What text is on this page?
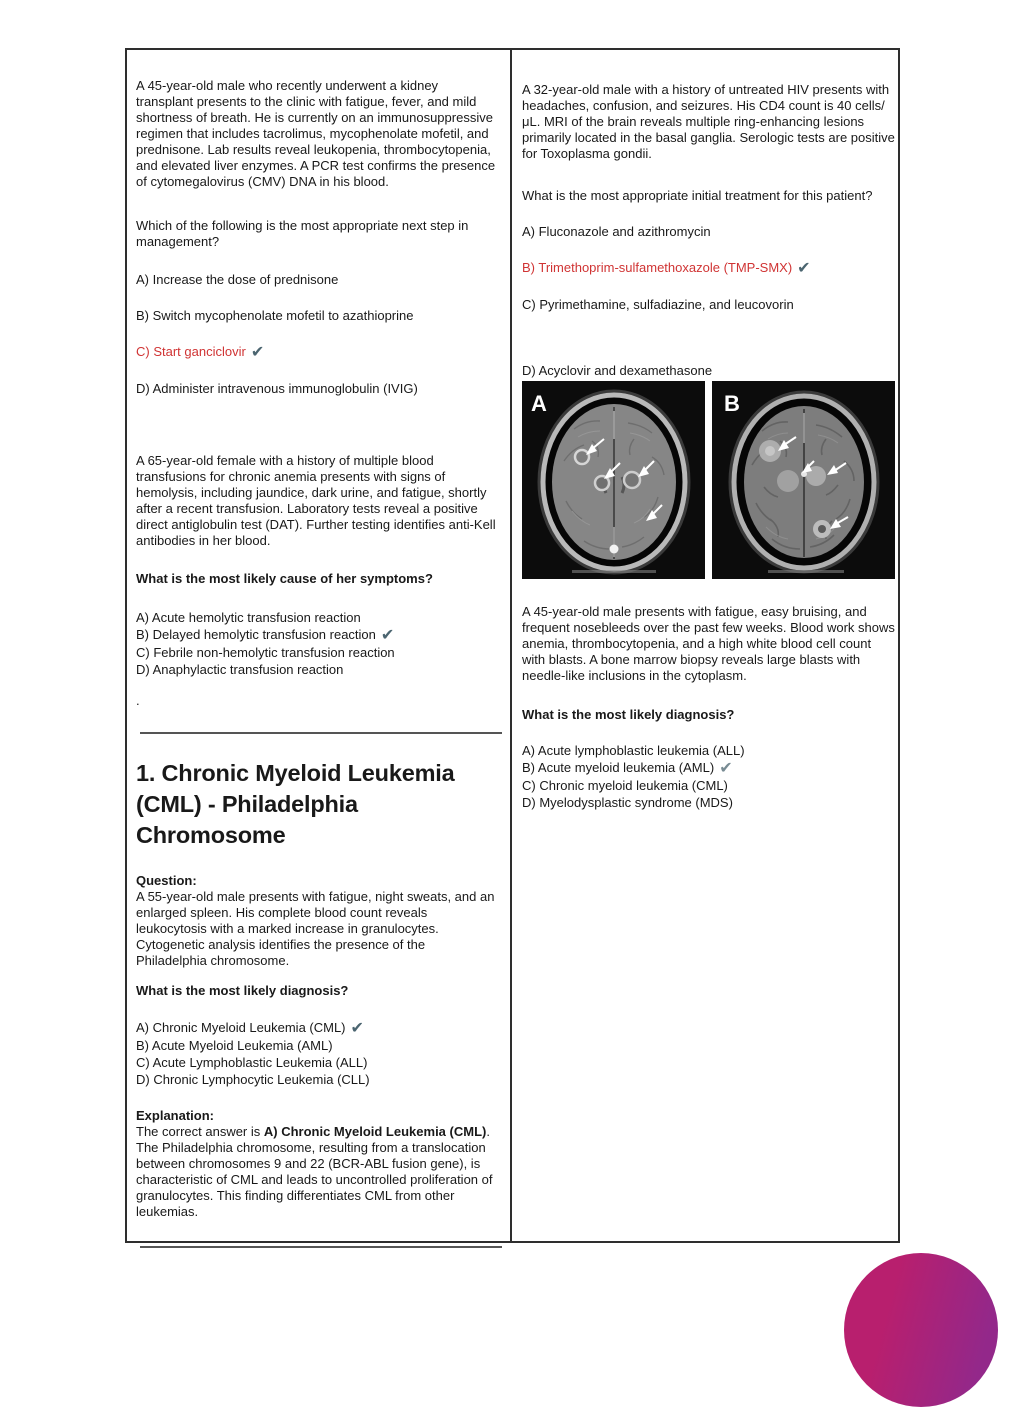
A 45-year-old male who recently underwent a kidney transplant presents to the clinic with fatigue, fever, and mild shortness of breath. He is currently on an immunosuppressive regimen that includes tacrolimus, mycophenolate mofetil, and prednisone. Lab results reveal leukopenia, thrombocytopenia, and elevated liver enzymes. A PCR test confirms the presence of cytomegalovirus (CMV) DNA in his blood.

Which of the following is the most appropriate next step in management?

A) Increase the dose of prednisone
B) Switch mycophenolate mofetil to azathioprine
C) Start ganciclovir ✔
D) Administer intravenous immunoglobulin (IVIG)

A 65-year-old female with a history of multiple blood transfusions for chronic anemia presents with signs of hemolysis, including jaundice, dark urine, and fatigue, shortly after a recent transfusion. Laboratory tests reveal a positive direct antiglobulin test (DAT). Further testing identifies anti-Kell antibodies in her blood.

What is the most likely cause of her symptoms?

A) Acute hemolytic transfusion reaction
B) Delayed hemolytic transfusion reaction ✔
C) Febrile non-hemolytic transfusion reaction
D) Anaphylactic transfusion reaction
.
1. Chronic Myeloid Leukemia (CML) - Philadelphia Chromosome
Question:

A 55-year-old male presents with fatigue, night sweats, and an enlarged spleen. His complete blood count reveals leukocytosis with a marked increase in granulocytes. Cytogenetic analysis identifies the presence of the Philadelphia chromosome.

What is the most likely diagnosis?

A) Chronic Myeloid Leukemia (CML) ✔
B) Acute Myeloid Leukemia (AML)
C) Acute Lymphoblastic Leukemia (ALL)
D) Chronic Lymphocytic Leukemia (CLL)
Explanation:

The correct answer is A) Chronic Myeloid Leukemia (CML). The Philadelphia chromosome, resulting from a translocation between chromosomes 9 and 22 (BCR-ABL fusion gene), is characteristic of CML and leads to uncontrolled proliferation of granulocytes. This finding differentiates CML from other leukemias.

A 32-year-old male with a history of untreated HIV presents with headaches, confusion, and seizures. His CD4 count is 40 cells/μL. MRI of the brain reveals multiple ring-enhancing lesions primarily located in the basal ganglia. Serologic tests are positive for Toxoplasma gondii.

What is the most appropriate initial treatment for this patient?

A) Fluconazole and azithromycin
B) Trimethoprim-sulfamethoxazole (TMP-SMX) ✔
C) Pyrimethamine, sulfadiazine, and leucovorin
D) Acyclovir and dexamethasone
A	B

A 45-year-old male presents with fatigue, easy bruising, and frequent nosebleeds over the past few weeks. Blood work shows anemia, thrombocytopenia, and a high white blood cell count with blasts. A bone marrow biopsy reveals large blasts with needle-like inclusions in the cytoplasm.

What is the most likely diagnosis?

A) Acute lymphoblastic leukemia (ALL)
B) Acute myeloid leukemia (AML) ✔
C) Chronic myeloid leukemia (CML)
D) Myelodysplastic syndrome (MDS)
